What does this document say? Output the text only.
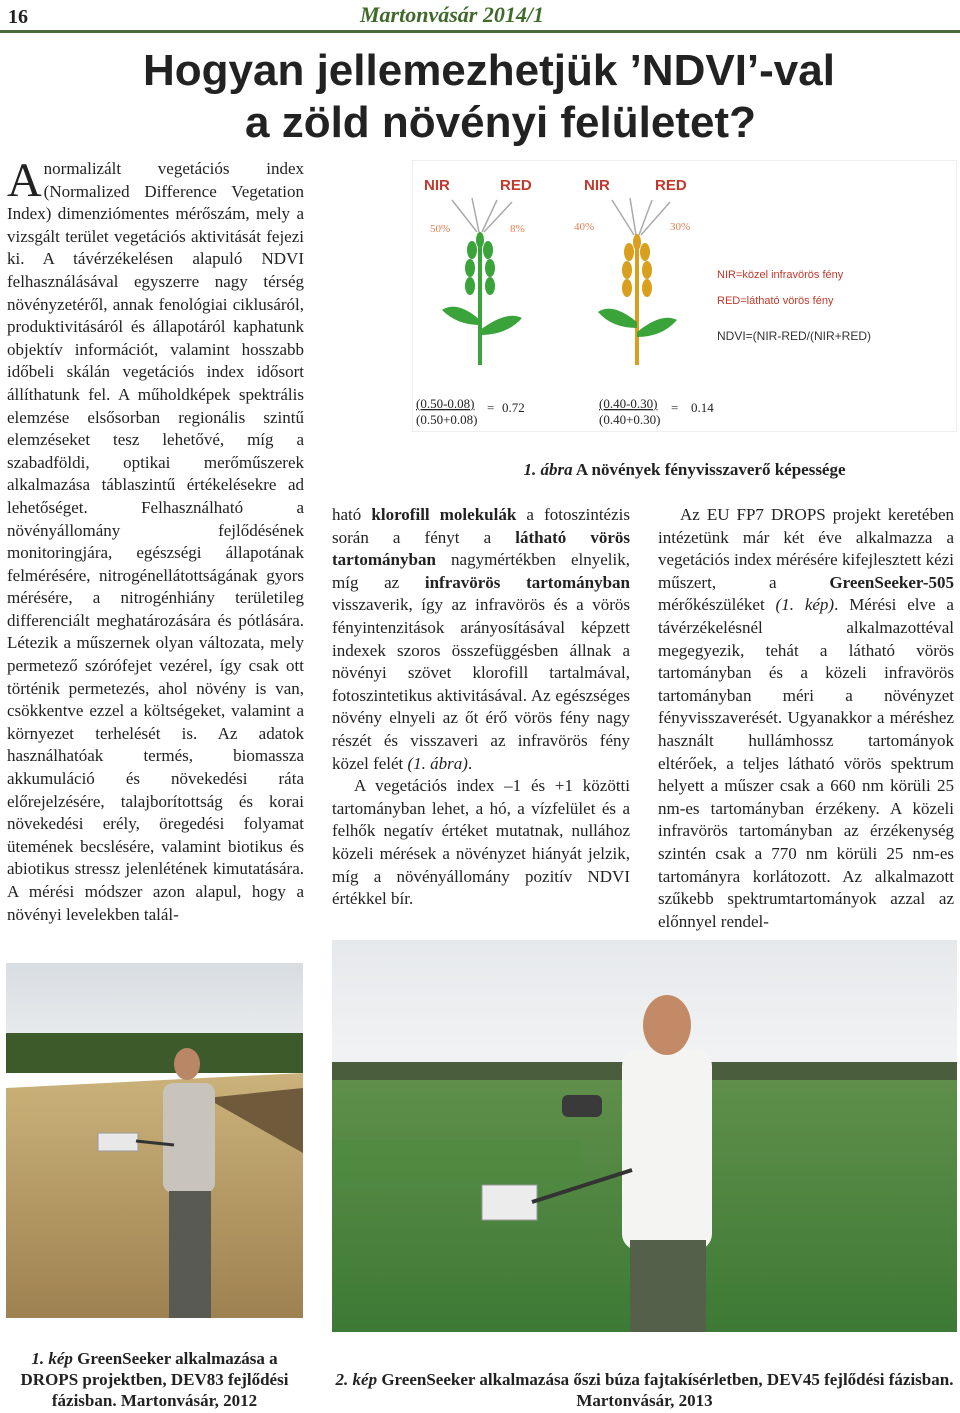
16	Martonvásár 2014/1
Hogyan jellemezhetjük ’NDVI’-val
a zöld növényi felületet?
Anormalizált vegetációs index (Normalized Difference Vegetation Index) dimenziómentes mérőszám, mely a vizsgált terület vegetációs aktivitását fejezi ki. A távérzékelésen alapuló NDVI felhasználásával egyszerre nagy térség növényzetéről, annak fenológiai ciklusáról, produktivitásáról és állapotáról kaphatunk objektív információt, valamint hosszabb időbeli skálán vegetációs index idősort állíthatunk fel. A műholdképek spektrális elemzése elsősorban regionális szintű elemzéseket tesz lehetővé, míg a szabadföldi, optikai merőműszerek alkalmazása táblaszintű értékelésekre ad lehetőséget. Felhasználható a növényállomány fejlődésének monitoringjára, egészségi állapotának felmérésére, nitrogénellátottságának gyors mérésére, a nitrogénhiány területileg differenciált meghatározására és pótlására. Létezik a műszernek olyan változata, mely permetező szórófejet vezérel, így csak ott történik permetezés, ahol növény is van, csökkentve ezzel a költségeket, valamint a környezet terhelését is. Az adatok használhatóak termés, biomassza akkumuláció és növekedési ráta előrejelzésére, talajborítottság és korai növekedési erély, öregedési folyamat ütemének becslésére, valamint biotikus és abiotikus stressz jelenlétének kimutatására. A mérési módszer azon alapul, hogy a növényi levelekben talál-
NIR	RED
50%	8%
NIR	RED
40%	30%
NIR=közel infravörös fény
RED=látható vörös fény
NDVI=(NIR-RED/(NIR+RED)
(0.50-0.08)
(0.50+0.08)
= 0.72	(0.40-0.30)
(0.40+0.30)
= 0.14
1. ábra A növények fényvisszaverő képessége

ható klorofill molekulák a fotoszintézis során a fényt a látható vörös tartományban nagymértékben elnyelik, míg az infravörös tartományban visszaverik, így az infravörös és a vörös fényintenzitások arányosításával képzett indexek szoros összefüggésben állnak a növényi szövet klorofill tartalmával, fotoszintetikus aktivitásával. Az egészséges növény elnyeli az őt érő vörös fény nagy részét és visszaveri az infravörös fény közel felét (1. ábra).

A vegetációs index –1 és +1 közötti tartományban lehet, a hó, a vízfelület és a felhők negatív értéket mutatnak, nullához közeli mérések a növényzet hiányát jelzik, míg a növényállomány pozitív NDVI értékkel bír.

Az EU FP7 DROPS projekt keretében intézetünk már két éve alkalmazza a vegetációs index mérésére kifejlesztett kézi műszert, a GreenSeeker-505 mérőkészüléket (1. kép). Mérési elve a távérzékelésnél alkalmazottéval megegyezik, tehát a látható vörös tartományban és a közeli infravörös tartományban méri a növényzet fényvisszaverését. Ugyanakkor a méréshez használt hullámhossz tartományok eltérőek, a teljes látható vörös spektrum helyett a műszer csak a 660 nm körüli 25 nm-es tartományban érzékeny. A közeli infravörös tartományban az érzékenység szintén csak a 770 nm körüli 25 nm-es tartományra korlátozott. Az alkalmazott szűkebb spektrumtartományok azzal az előnnyel rendel-

1. kép GreenSeeker alkalmazása a DROPS projektben, DEV83 fejlődési fázisban. Martonvásár, 2012
2. kép GreenSeeker alkalmazása őszi búza fajtakísérletben, DEV45 fejlődési fázisban. Martonvásár, 2013
